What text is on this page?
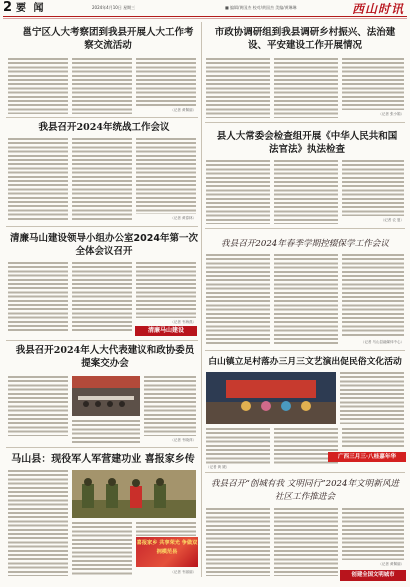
2 要 闻	2024年4月10日 星期三	■ 编辑/黄国杰 校对/黄国杰 美编/黄琳琳	西山时讯
邕宁区人大考察团到我县开展人大工作考察交流活动
（记者 黄佩丽）
我县召开2024年统战工作会议
（记者 黄春林）
清廉马山建设领导小组办公室2024年第一次全体会议召开
（记者 韦海燕）
清廉马山建设
我县召开2024年人大代表建议和政协委员提案交办会
（记者 韦晓萍）
马山县：现役军人军营建功业 喜报家乡传
喜报家乡 共享荣光 争做双拥模范县
（记者 韦丽丽）
市政协调研组到我县调研乡村振兴、法治建设、平安建设工作开展情况
（记者 张小娟）
县人大常委会检查组开展《中华人民共和国法官法》执法检查
（记者 农 夏）
我县召开2024年春季学期控辍保学工作会议
（记者 马山县融媒体中心）
白山镇立足村落办三月三文艺演出促民俗文化活动
广西三月三·八桂嘉年华
（记者 黄 媛）
我县召开“创城有我 文明同行”2024年文明新风进社区工作推进会
（记者 黄佩丽）
创建全国文明城市
